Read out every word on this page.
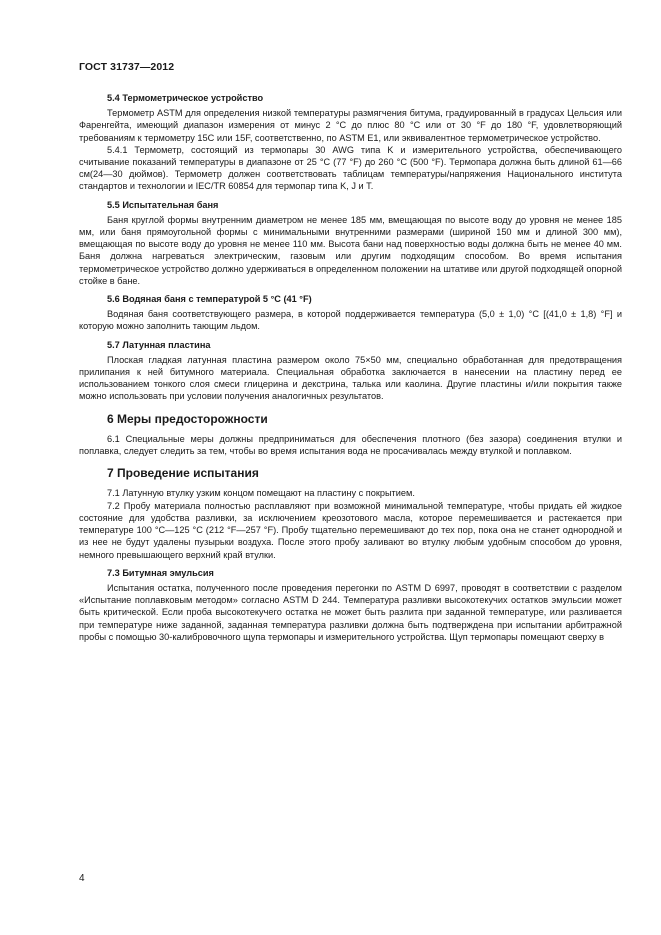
ГОСТ 31737—2012
5.4 Термометрическое устройство

Термометр ASTM для определения низкой температуры размягчения битума, градуированный в градусах Цельсия или Фаренгейта, имеющий диапазон измерения от минус 2 °С до плюс 80 °С или от 30 °F до 180 °F, удовлетворяющий требованиям к термометру 15С или 15F, соответственно, по ASTM E1, или эквивалентное термометрическое устройство.

5.4.1 Термометр, состоящий из термопары 30 AWG типа K и измерительного устройства, обеспечивающего считывание показаний температуры в диапазоне от 25 °С (77 °F) до 260 °С (500 °F). Термопара должна быть длиной 61—66 см(24—30 дюймов). Термометр должен соответствовать таблицам температуры/напряжения Национального института стандартов и технологии и IEC/TR 60854 для термопар типа K, J и T.

5.5 Испытательная баня

Баня круглой формы внутренним диаметром не менее 185 мм, вмещающая по высоте воду до уровня не менее 185 мм, или баня прямоугольной формы с минимальными внутренними размерами (шириной 150 мм и длиной 300 мм), вмещающая по высоте воду до уровня не менее 110 мм. Высота бани над поверхностью воды должна быть не менее 40 мм. Баня должна нагреваться электрическим, газовым или другим подходящим способом. Во время испытания термометрическое устройство должно удерживаться в определенном положении на штативе или другой подходящей опорной стойке в бане.

5.6 Водяная баня с температурой 5 °С (41 °F)

Водяная баня соответствующего размера, в которой поддерживается температура (5,0 ± 1,0) °С [(41,0 ± 1,8) °F] и которую можно заполнить тающим льдом.

5.7 Латунная пластина

Плоская гладкая латунная пластина размером около 75×50 мм, специально обработанная для предотвращения прилипания к ней битумного материала. Специальная обработка заключается в нанесении на пластину перед ее использованием тонкого слоя смеси глицерина и декстрина, талька или каолина. Другие пластины и/или покрытия также можно использовать при условии получения аналогичных результатов.

6 Меры предосторожности

6.1 Специальные меры должны предприниматься для обеспечения плотного (без зазора) соединения втулки и поплавка, следует следить за тем, чтобы во время испытания вода не просачивалась между втулкой и поплавком.

7 Проведение испытания

7.1 Латунную втулку узким концом помещают на пластину с покрытием.

7.2 Пробу материала полностью расплавляют при возможной минимальной температуре, чтобы придать ей жидкое состояние для удобства разливки, за исключением креозотового масла, которое перемешивается и растекается при температуре 100 °С—125 °С (212 °F—257 °F). Пробу тщательно перемешивают до тех пор, пока она не станет однородной и из нее не будут удалены пузырьки воздуха. После этого пробу заливают во втулку любым удобным способом до уровня, немного превышающего верхний край втулки.

7.3 Битумная эмульсия

Испытания остатка, полученного после проведения перегонки по ASTM D 6997, проводят в соответствии с разделом «Испытание поплавковым методом» согласно ASTM D 244. Температура разливки высокотекучих остатков эмульсии может быть критической. Если проба высокотекучего остатка не может быть разлита при заданной температуре, или разливается при температуре ниже заданной, заданная температура разливки должна быть подтверждена при испытании арбитражной пробы с помощью 30-калибровочного щупа термопары и измерительного устройства. Щуп термопары помещают сверху в

4
